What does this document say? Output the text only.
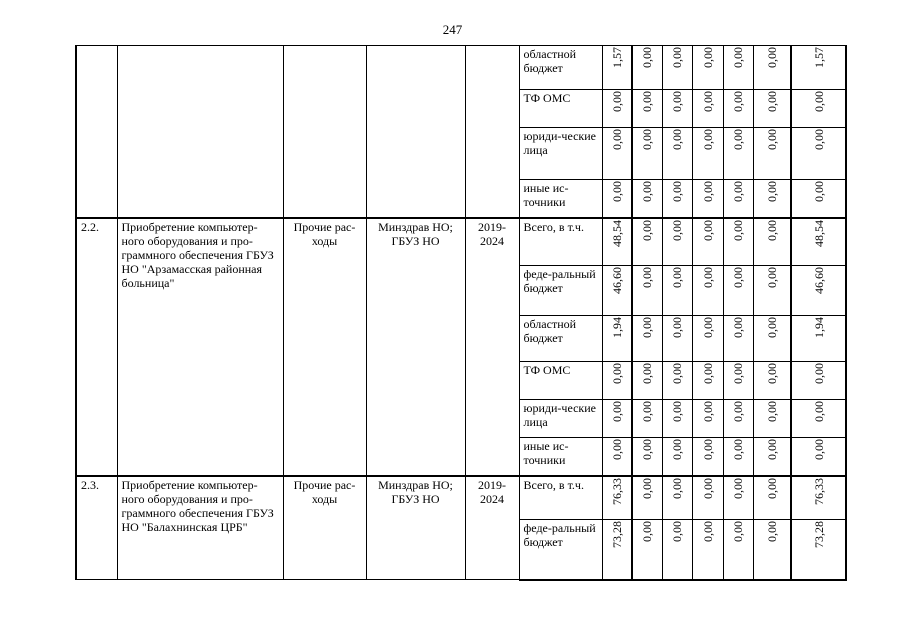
247
					областной бюджет	1,57	0,00	0,00	0,00	0,00	0,00	1,57

					ТФ ОМС	0,00	0,00	0,00	0,00	0,00	0,00	0,00

					юриди-ческие лица	0,00	0,00	0,00	0,00	0,00	0,00	0,00

					иные ис-точники	0,00	0,00	0,00	0,00	0,00	0,00	0,00

2.2.	Приобретение компьютер-ного оборудования и про-граммного обеспечения ГБУЗ НО "Арзамасская районная больница"	Прочие рас-ходы	Минздрав НО; ГБУЗ НО	2019-2024	Всего, в т.ч.	48,54	0,00	0,00	0,00	0,00	0,00	48,54

					феде-ральный бюджет	46,60	0,00	0,00	0,00	0,00	0,00	46,60

					областной бюджет	1,94	0,00	0,00	0,00	0,00	0,00	1,94

					ТФ ОМС	0,00	0,00	0,00	0,00	0,00	0,00	0,00

					юриди-ческие лица	0,00	0,00	0,00	0,00	0,00	0,00	0,00

					иные ис-точники	0,00	0,00	0,00	0,00	0,00	0,00	0,00

2.3.	Приобретение компьютер-ного оборудования и про-граммного обеспечения ГБУЗ НО "Балахнинская ЦРБ"	Прочие рас-ходы	Минздрав НО; ГБУЗ НО	2019-2024	Всего, в т.ч.	76,33	0,00	0,00	0,00	0,00	0,00	76,33

					феде-ральный бюджет	73,28	0,00	0,00	0,00	0,00	0,00	73,28
